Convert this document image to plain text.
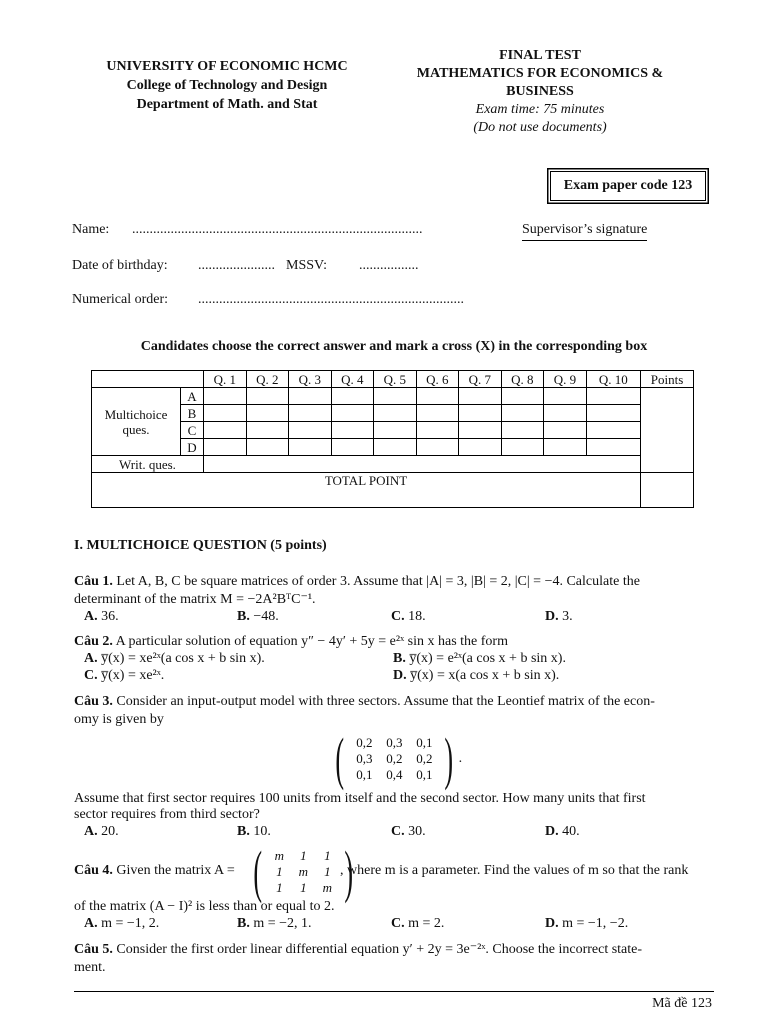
UNIVERSITY OF ECONOMIC HCMC
College of Technology and Design
Department of Math. and Stat
FINAL TEST
MATHEMATICS FOR ECONOMICS &
BUSINESS
Exam time: 75 minutes
(Do not use documents)
Exam paper code 123
Name: ...................................................................................	Supervisor’s signature
Date of birthday: ...................... MSSV: .................
Numerical order: ............................................................................
Candidates choose the correct answer and mark a cross (X) in the corresponding box
		Q. 1	Q. 2	Q. 3	Q. 4	Q. 5	Q. 6	Q. 7	Q. 8	Q. 9	Q. 10	Points

Multichoice
ques.	A											
	B											
	C											
	D											
Writ. ques.												
TOTAL POINT												
I. MULTICHOICE QUESTION (5 points)
Câu 1. Let A, B, C be square matrices of order 3. Assume that |A| = 3, |B| = 2, |C| = −4. Calculate the
determinant of the matrix M = −2A²BᵀC⁻¹.
A. 36.	B. −48.	C. 18.	D. 3.
Câu 2. A particular solution of equation y″ − 4y′ + 5y = e²ˣ sin x has the form
A. y̅(x) = xe²ˣ(a cos x + b sin x).	B. y̅(x) = e²ˣ(a cos x + b sin x).
C. y̅(x) = xe²ˣ.	D. y̅(x) = x(a cos x + b sin x).
Câu 3. Consider an input-output model with three sectors. Assume that the Leontief matrix of the econ-
omy is given by
( 0,2	0,3	0,1
0,3	0,2	0,2
0,1	0,4	0,1 ) .
Assume that first sector requires 100 units from itself and the second sector. How many units that first
sector requires from third sector?
A. 20.	B. 10.	C. 30.	D. 40.
Câu 4. Given the matrix A = ( m	1	1
1	m	1
1	1	m )
, where m is a parameter. Find the values of m so that the rank
of the matrix (A − I)² is less than or equal to 2.
A. m = −1, 2.	B. m = −2, 1.	C. m = 2.	D. m = −1, −2.
Câu 5. Consider the first order linear differential equation y′ + 2y = 3e⁻²ˣ. Choose the incorrect state-
ment.
Mã đề 123
